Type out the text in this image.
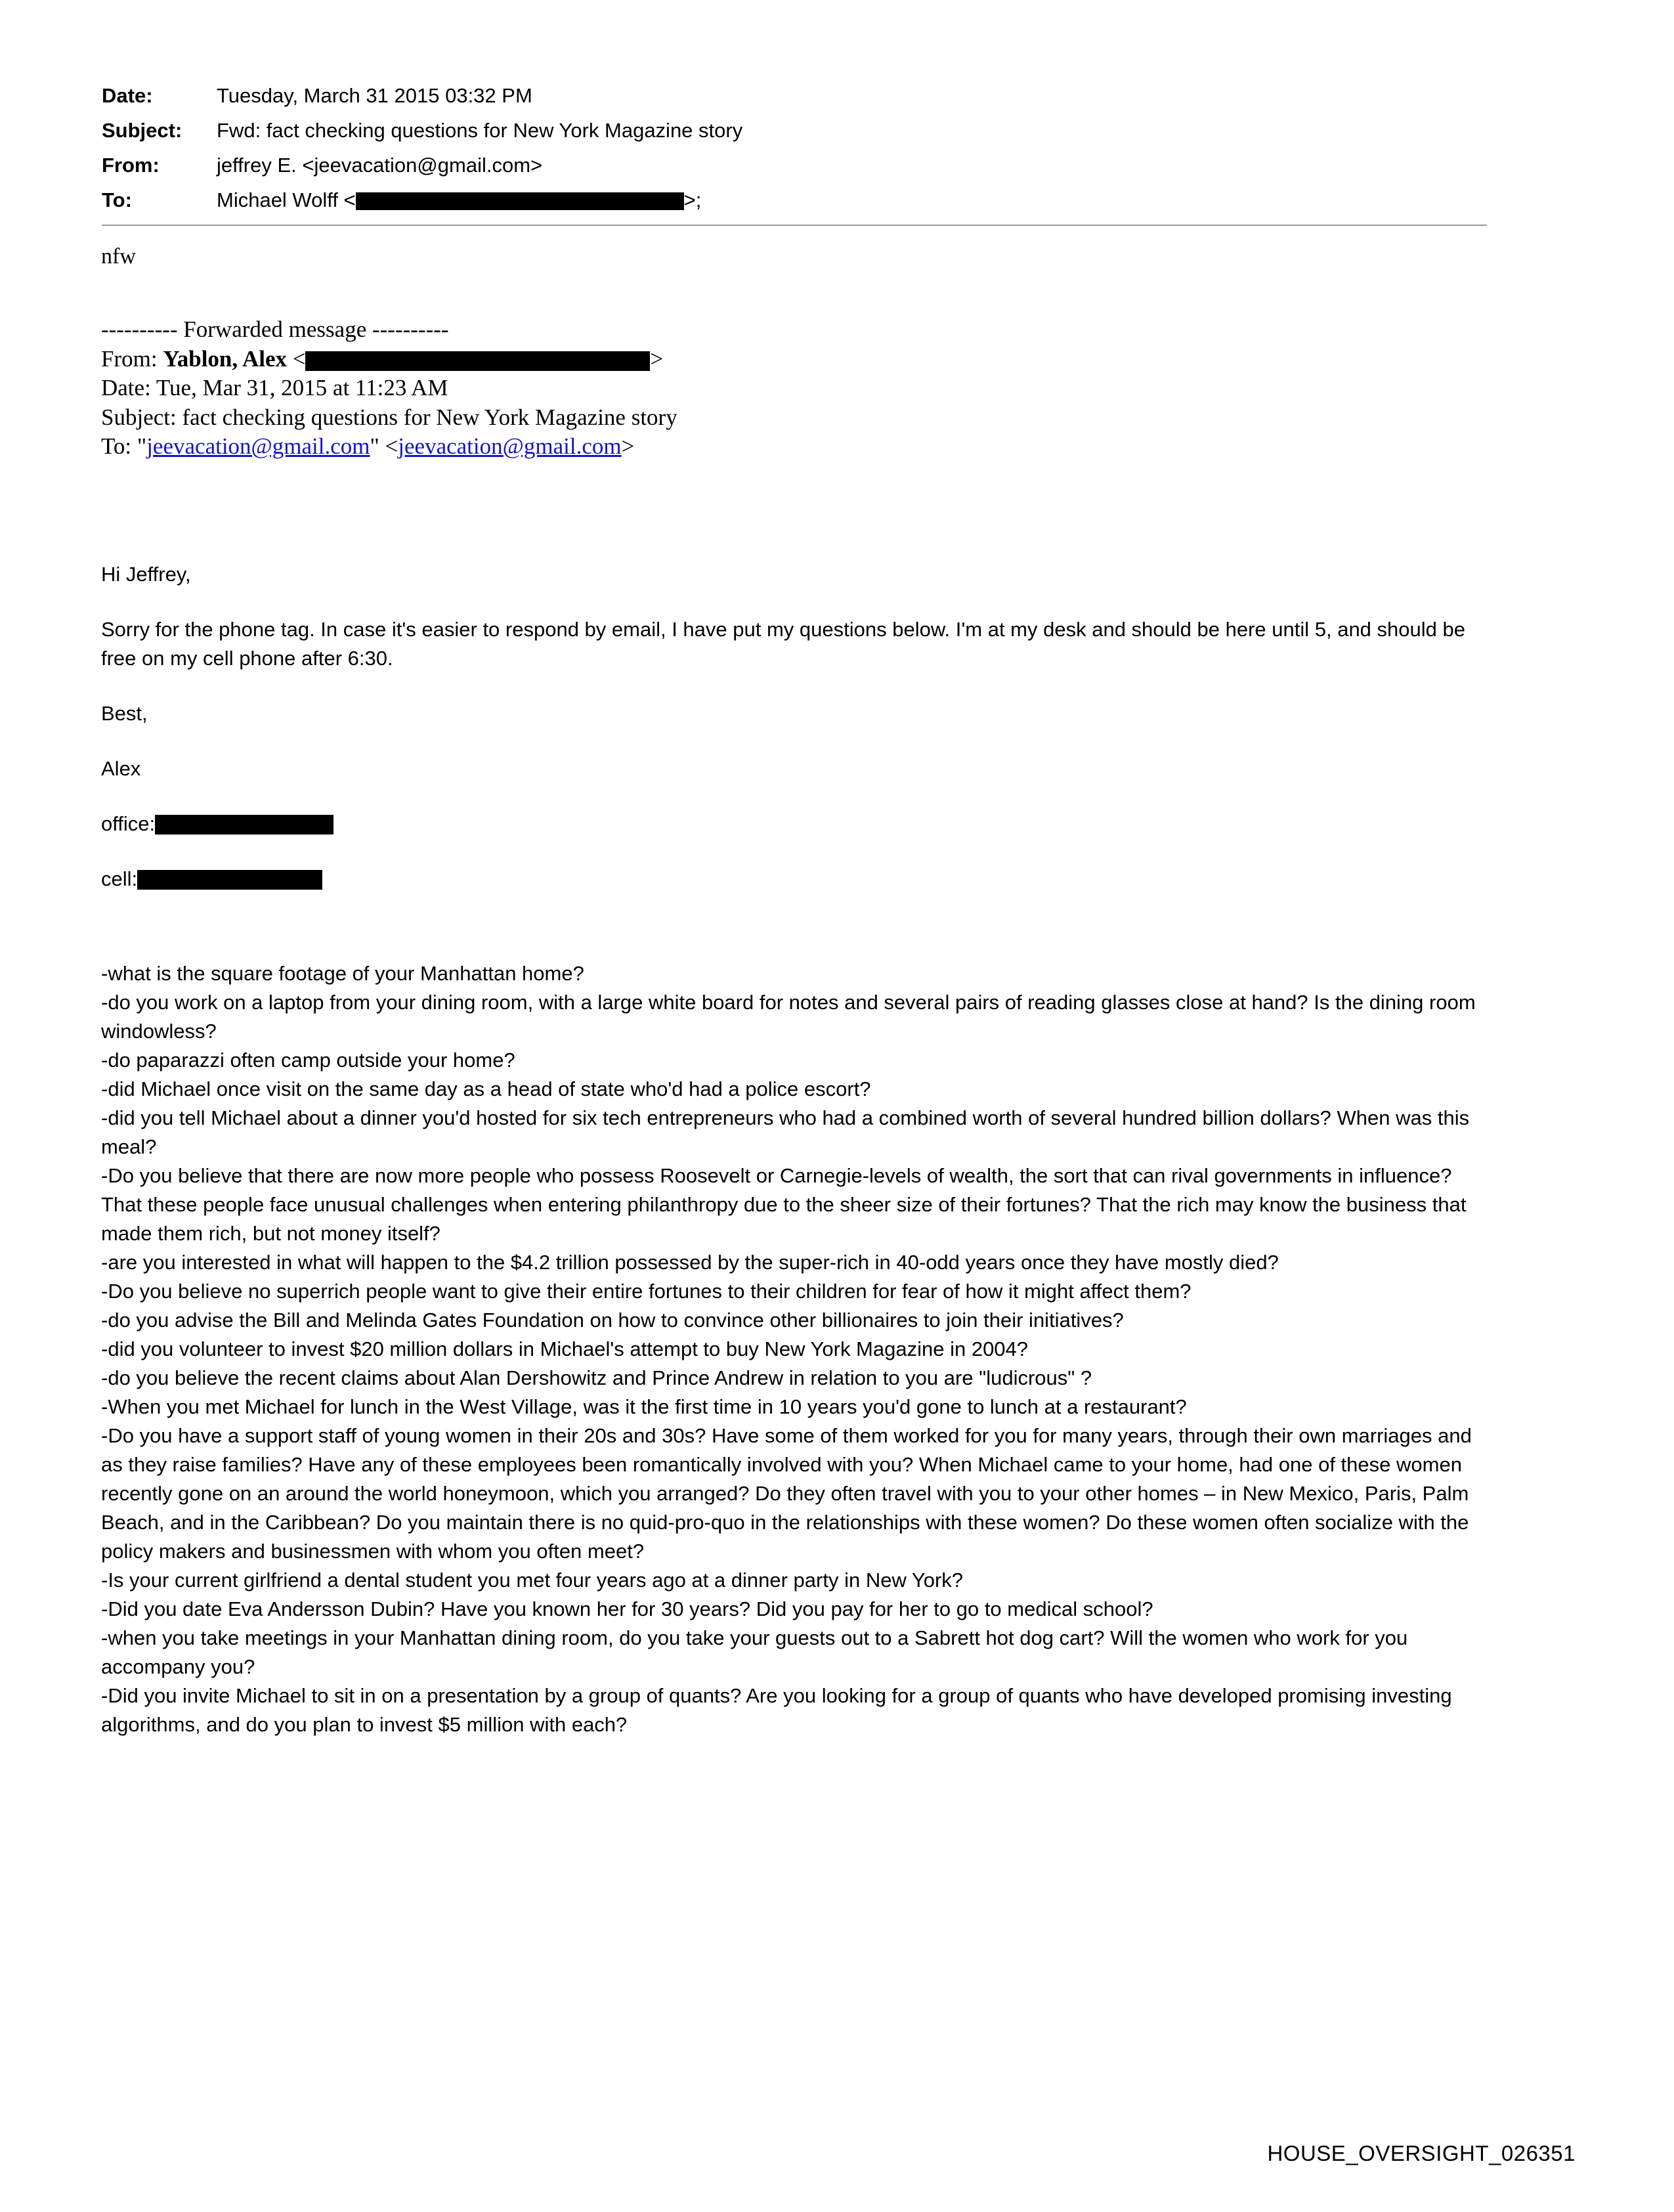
Date:	Tuesday, March 31 2015 03:32 PM
Subject:	Fwd: fact checking questions for New York Magazine story
From:	jeffrey E. <jeevacation@gmail.com>
To:	Michael Wolff <	>;
nfw
---------- Forwarded message ----------
From: Yablon, Alex <	>
Date: Tue, Mar 31, 2015 at 11:23 AM
Subject: fact checking questions for New York Magazine story
To: "jeevacation@gmail.com" <jeevacation@gmail.com>

Hi Jeffrey,

Sorry for the phone tag. In case it's easier to respond by email, I have put my questions below. I'm at my desk and should be here until 5, and should be free on my cell phone after 6:30.

Best,

Alex

office:

cell:

-what is the square footage of your Manhattan home?

-do you work on a laptop from your dining room, with a large white board for notes and several pairs of reading glasses close at hand? Is the dining room windowless?

-do paparazzi often camp outside your home?

-did Michael once visit on the same day as a head of state who'd had a police escort?

-did you tell Michael about a dinner you'd hosted for six tech entrepreneurs who had a combined worth of several hundred billion dollars? When was this meal?

-Do you believe that there are now more people who possess Roosevelt or Carnegie-levels of wealth, the sort that can rival governments in influence? That these people face unusual challenges when entering philanthropy due to the sheer size of their fortunes? That the rich may know the business that made them rich, but not money itself?

-are you interested in what will happen to the $4.2 trillion possessed by the super-rich in 40-odd years once they have mostly died?

-Do you believe no superrich people want to give their entire fortunes to their children for fear of how it might affect them?

-do you advise the Bill and Melinda Gates Foundation on how to convince other billionaires to join their initiatives?

-did you volunteer to invest $20 million dollars in Michael's attempt to buy New York Magazine in 2004?

-do you believe the recent claims about Alan Dershowitz and Prince Andrew in relation to you are "ludicrous" ?

-When you met Michael for lunch in the West Village, was it the first time in 10 years you'd gone to lunch at a restaurant?

-Do you have a support staff of young women in their 20s and 30s? Have some of them worked for you for many years, through their own marriages and as they raise families? Have any of these employees been romantically involved with you? When Michael came to your home, had one of these women recently gone on an around the world honeymoon, which you arranged? Do they often travel with you to your other homes – in New Mexico, Paris, Palm Beach, and in the Caribbean? Do you maintain there is no quid-pro-quo in the relationships with these women? Do these women often socialize with the policy makers and businessmen with whom you often meet?

-Is your current girlfriend a dental student you met four years ago at a dinner party in New York?

-Did you date Eva Andersson Dubin? Have you known her for 30 years? Did you pay for her to go to medical school?

-when you take meetings in your Manhattan dining room, do you take your guests out to a Sabrett hot dog cart? Will the women who work for you accompany you?

-Did you invite Michael to sit in on a presentation by a group of quants? Are you looking for a group of quants who have developed promising investing algorithms, and do you plan to invest $5 million with each?

HOUSE_OVERSIGHT_026351
